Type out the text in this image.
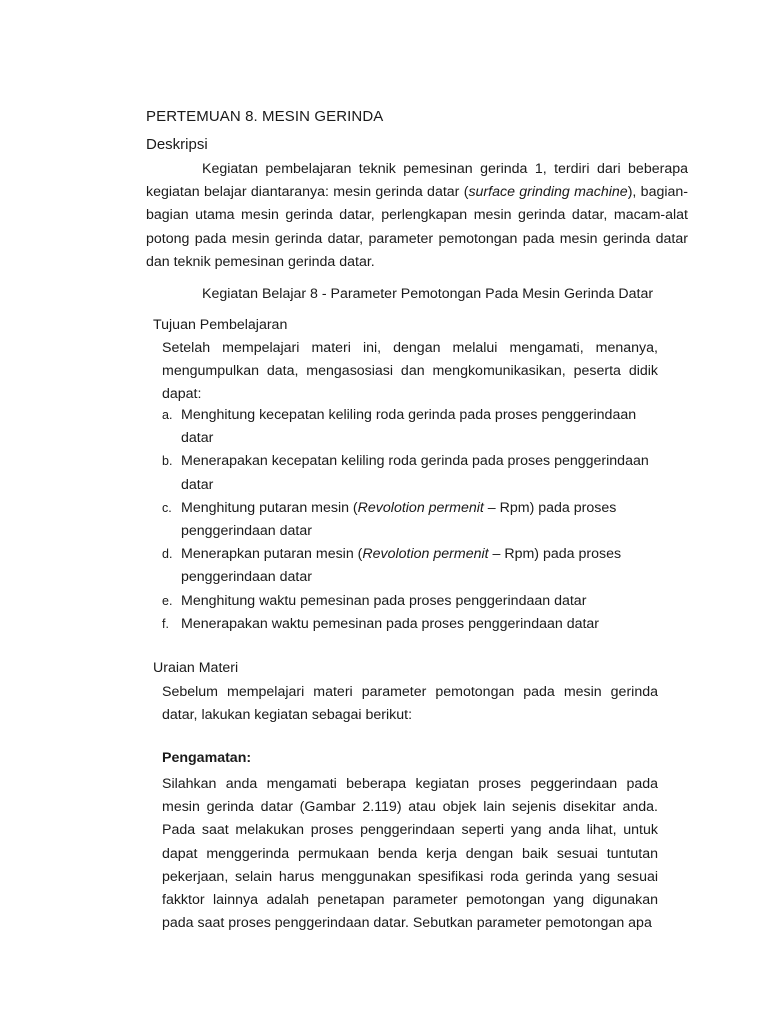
PERTEMUAN 8. MESIN GERINDA
Deskripsi

Kegiatan pembelajaran teknik pemesinan gerinda 1, terdiri dari beberapa kegiatan belajar diantaranya: mesin gerinda datar (surface grinding machine), bagian-bagian utama mesin gerinda datar, perlengkapan mesin gerinda datar, macam-alat potong pada mesin gerinda datar, parameter pemotongan pada mesin gerinda datar dan teknik pemesinan gerinda datar.

Kegiatan Belajar 8 - Parameter Pemotongan Pada Mesin Gerinda Datar
Tujuan Pembelajaran

Setelah mempelajari materi ini, dengan melalui mengamati, menanya, mengumpulkan data, mengasosiasi dan mengkomunikasikan, peserta didik dapat:

a. Menghitung kecepatan keliling roda gerinda pada proses penggerindaan datar
b. Menerapakan kecepatan keliling roda gerinda pada proses penggerindaan datar
c. Menghitung putaran mesin (Revolotion permenit – Rpm) pada proses penggerindaan datar
d. Menerapkan putaran mesin (Revolotion permenit – Rpm) pada proses penggerindaan datar
e. Menghitung waktu pemesinan pada proses penggerindaan datar
f. Menerapakan waktu pemesinan pada proses penggerindaan datar
Uraian Materi

Sebelum mempelajari materi parameter pemotongan pada mesin gerinda datar, lakukan kegiatan sebagai berikut:

Pengamatan:

Silahkan anda mengamati beberapa kegiatan proses peggerindaan pada mesin gerinda datar (Gambar 2.119) atau objek lain sejenis disekitar anda. Pada saat melakukan proses penggerindaan seperti yang anda lihat, untuk dapat menggerinda permukaan benda kerja dengan baik sesuai tuntutan pekerjaan, selain harus menggunakan spesifikasi roda gerinda yang sesuai fakktor lainnya adalah penetapan parameter pemotongan yang digunakan pada saat proses penggerindaan datar. Sebutkan parameter pemotongan apa
